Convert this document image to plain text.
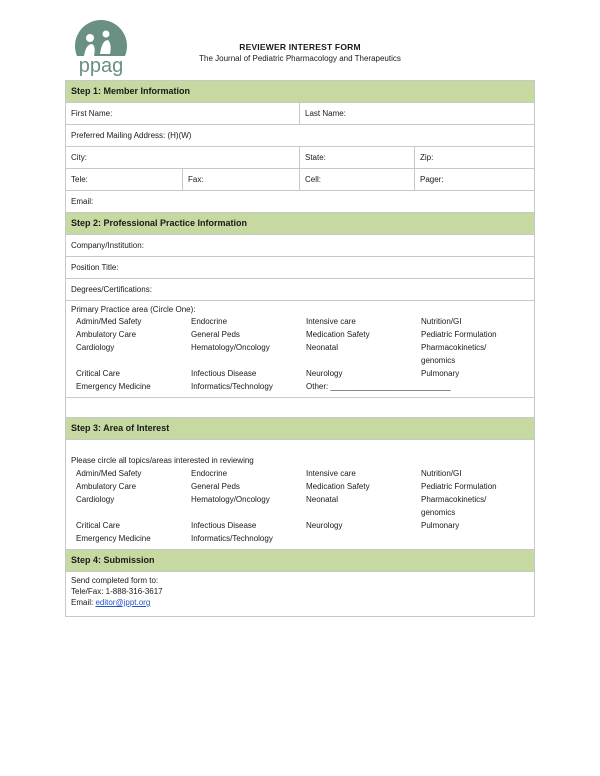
ppag
REVIEWER INTEREST FORM
The Journal of Pediatric Pharmacology and Therapeutics
Step 1: Member Information
First Name:	Last Name:
Preferred Mailing Address: (H)(W)
City:	State:	Zip:
Tele:	Fax:	Cell:	Pager:
Email:
Step 2: Professional Practice Information
Company/Institution:
Position Title:
Degrees/Certifications:
Primary Practice area (Circle One):
Admin/Med Safety	Endocrine	Intensive care	Nutrition/GI
Ambulatory Care	General Peds	Medication Safety	Pediatric Formulation
Cardiology	Hematology/Oncology	Neonatal	Pharmacokinetics/
genomics
Critical Care	Infectious Disease	Neurology	Pulmonary
Emergency Medicine	Informatics/Technology	Other: ___________________________
Step 3: Area of Interest
Please circle all topics/areas interested in reviewing
Admin/Med Safety	Endocrine	Intensive care	Nutrition/GI
Ambulatory Care	General Peds	Medication Safety	Pediatric Formulation
Cardiology	Hematology/Oncology	Neonatal	Pharmacokinetics/
genomics
Critical Care	Infectious Disease	Neurology	Pulmonary
Emergency Medicine	Informatics/Technology
Step 4: Submission
Send completed form to:
Tele/Fax: 1-888-316-3617
Email: editor@jppt.org
